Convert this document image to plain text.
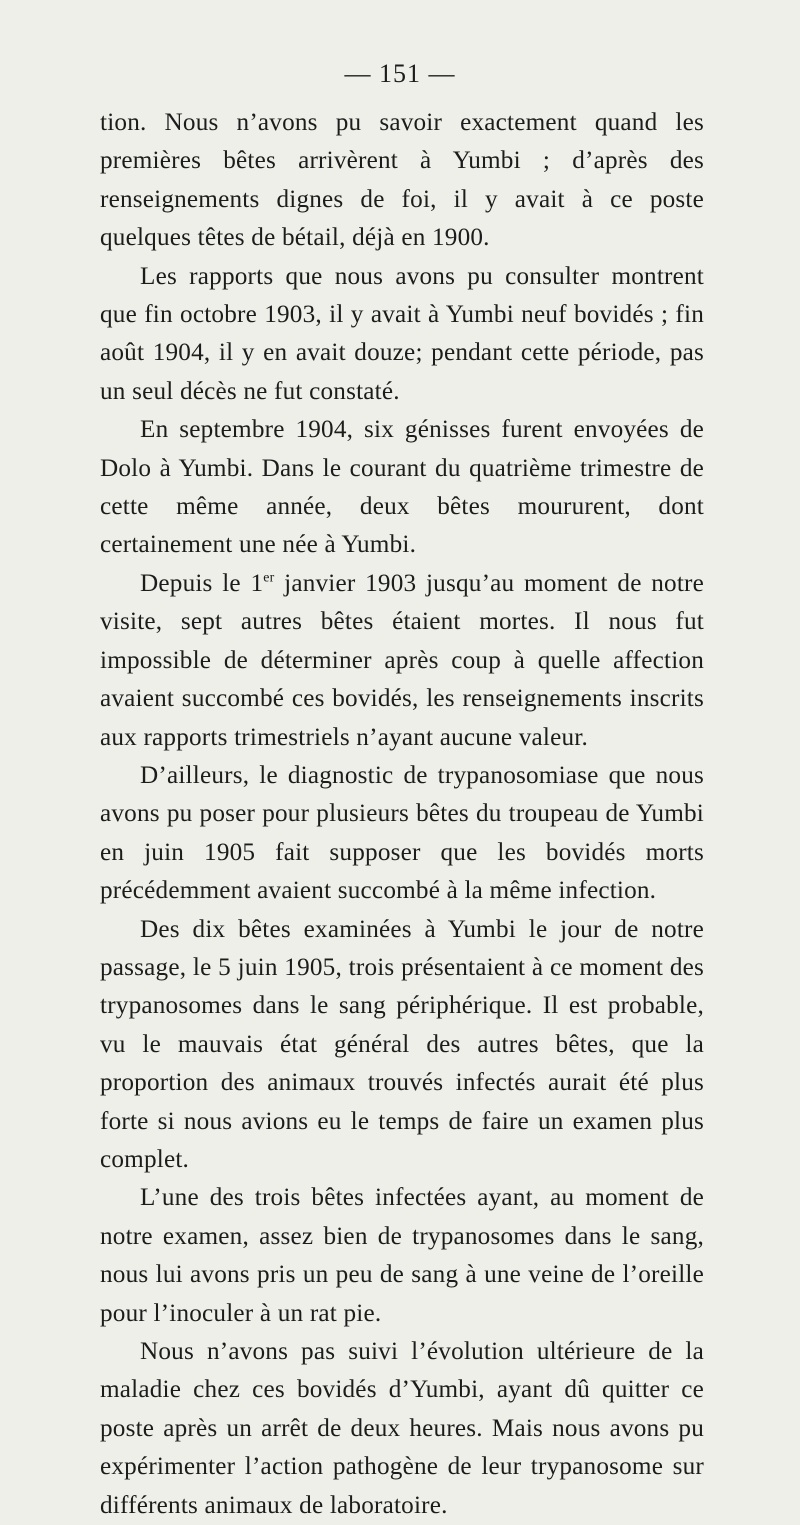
— 151 —

tion. Nous n’avons pu savoir exactement quand les premières bêtes arrivèrent à Yumbi ; d’après des renseignements dignes de foi, il y avait à ce poste quelques têtes de bétail, déjà en 1900.

Les rapports que nous avons pu consulter montrent que fin octobre 1903, il y avait à Yumbi neuf bovidés ; fin août 1904, il y en avait douze; pendant cette période, pas un seul décès ne fut constaté.

En septembre 1904, six génisses furent envoyées de Dolo à Yumbi. Dans le courant du quatrième trimestre de cette même année, deux bêtes moururent, dont certainement une née à Yumbi.

Depuis le 1er janvier 1903 jusqu’au moment de notre visite, sept autres bêtes étaient mortes. Il nous fut impossible de déterminer après coup à quelle affection avaient succombé ces bovidés, les renseignements inscrits aux rapports trimestriels n’ayant aucune valeur.

D’ailleurs, le diagnostic de trypanosomiase que nous avons pu poser pour plusieurs bêtes du troupeau de Yumbi en juin 1905 fait supposer que les bovidés morts précédemment avaient succombé à la même infection.

Des dix bêtes examinées à Yumbi le jour de notre passage, le 5 juin 1905, trois présentaient à ce moment des trypanosomes dans le sang périphérique. Il est probable, vu le mauvais état général des autres bêtes, que la proportion des animaux trouvés infectés aurait été plus forte si nous avions eu le temps de faire un examen plus complet.

L’une des trois bêtes infectées ayant, au moment de notre examen, assez bien de trypanosomes dans le sang, nous lui avons pris un peu de sang à une veine de l’oreille pour l’inoculer à un rat pie.

Nous n’avons pas suivi l’évolution ultérieure de la maladie chez ces bovidés d’Yumbi, ayant dû quitter ce poste après un arrêt de deux heures. Mais nous avons pu expérimenter l’action pathogène de leur trypanosome sur différents animaux de laboratoire.
